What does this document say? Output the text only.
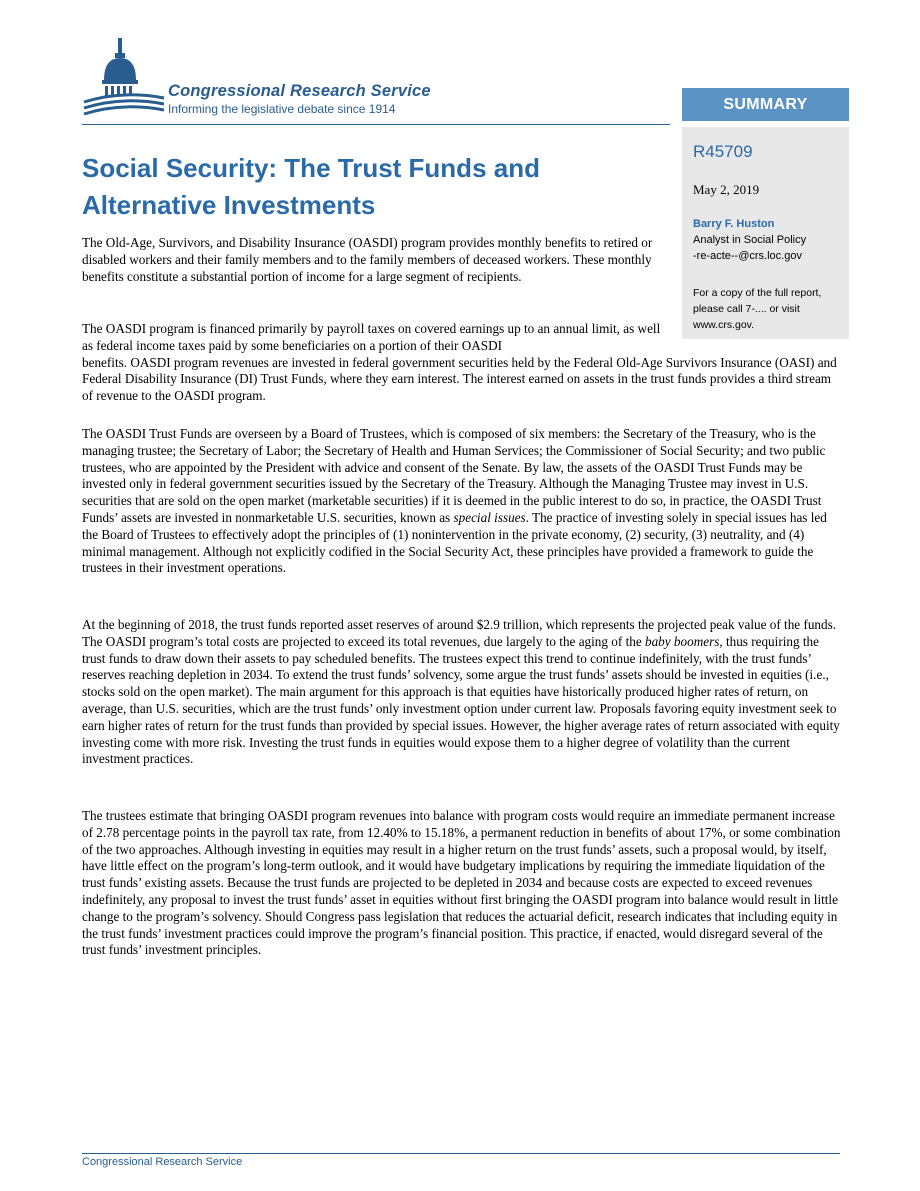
Congressional Research Service
Informing the legislative debate since 1914	SUMMARY
R45709
May 2, 2019
Barry F. Huston
Analyst in Social Policy
-re-acte--@crs.loc.gov
For a copy of the full report, please call 7-.... or visit www.crs.gov.
Social Security: The Trust Funds and Alternative Investments

The Old-Age, Survivors, and Disability Insurance (OASDI) program provides monthly benefits to retired or disabled workers and their family members and to the family members of deceased workers. These monthly benefits constitute a substantial portion of income for a large segment of recipients.

The OASDI program is financed primarily by payroll taxes on covered earnings up to an annual limit, as well as federal income taxes paid by some beneficiaries on a portion of their OASDI
benefits. OASDI program revenues are invested in federal government securities held by the Federal Old-Age Survivors Insurance (OASI) and Federal Disability Insurance (DI) Trust Funds, where they earn interest. The interest earned on assets in the trust funds provides a third stream of revenue to the OASDI program.

The OASDI Trust Funds are overseen by a Board of Trustees, which is composed of six members: the Secretary of the Treasury, who is the managing trustee; the Secretary of Labor; the Secretary of Health and Human Services; the Commissioner of Social Security; and two public trustees, who are appointed by the President with advice and consent of the Senate. By law, the assets of the OASDI Trust Funds may be invested only in federal government securities issued by the Secretary of the Treasury. Although the Managing Trustee may invest in U.S. securities that are sold on the open market (marketable securities) if it is deemed in the public interest to do so, in practice, the OASDI Trust Funds’ assets are invested in nonmarketable U.S. securities, known as special issues. The practice of investing solely in special issues has led the Board of Trustees to effectively adopt the principles of (1) nonintervention in the private economy, (2) security, (3) neutrality, and (4) minimal management. Although not explicitly codified in the Social Security Act, these principles have provided a framework to guide the trustees in their investment operations.

At the beginning of 2018, the trust funds reported asset reserves of around $2.9 trillion, which represents the projected peak value of the funds. The OASDI program’s total costs are projected to exceed its total revenues, due largely to the aging of the baby boomers, thus requiring the trust funds to draw down their assets to pay scheduled benefits. The trustees expect this trend to continue indefinitely, with the trust funds’ reserves reaching depletion in 2034. To extend the trust funds’ solvency, some argue the trust funds’ assets should be invested in equities (i.e., stocks sold on the open market). The main argument for this approach is that equities have historically produced higher rates of return, on average, than U.S. securities, which are the trust funds’ only investment option under current law. Proposals favoring equity investment seek to earn higher rates of return for the trust funds than provided by special issues. However, the higher average rates of return associated with equity investing come with more risk. Investing the trust funds in equities would expose them to a higher degree of volatility than the current investment practices.

The trustees estimate that bringing OASDI program revenues into balance with program costs would require an immediate permanent increase of 2.78 percentage points in the payroll tax rate, from 12.40% to 15.18%, a permanent reduction in benefits of about 17%, or some combination of the two approaches. Although investing in equities may result in a higher return on the trust funds’ assets, such a proposal would, by itself, have little effect on the program’s long-term outlook, and it would have budgetary implications by requiring the immediate liquidation of the trust funds’ existing assets. Because the trust funds are projected to be depleted in 2034 and because costs are expected to exceed revenues indefinitely, any proposal to invest the trust funds’ asset in equities without first bringing the OASDI program into balance would result in little change to the program’s solvency. Should Congress pass legislation that reduces the actuarial deficit, research indicates that including equity in the trust funds’ investment practices could improve the program’s financial position. This practice, if enacted, would disregard several of the trust funds’ investment principles.

Congressional Research Service
